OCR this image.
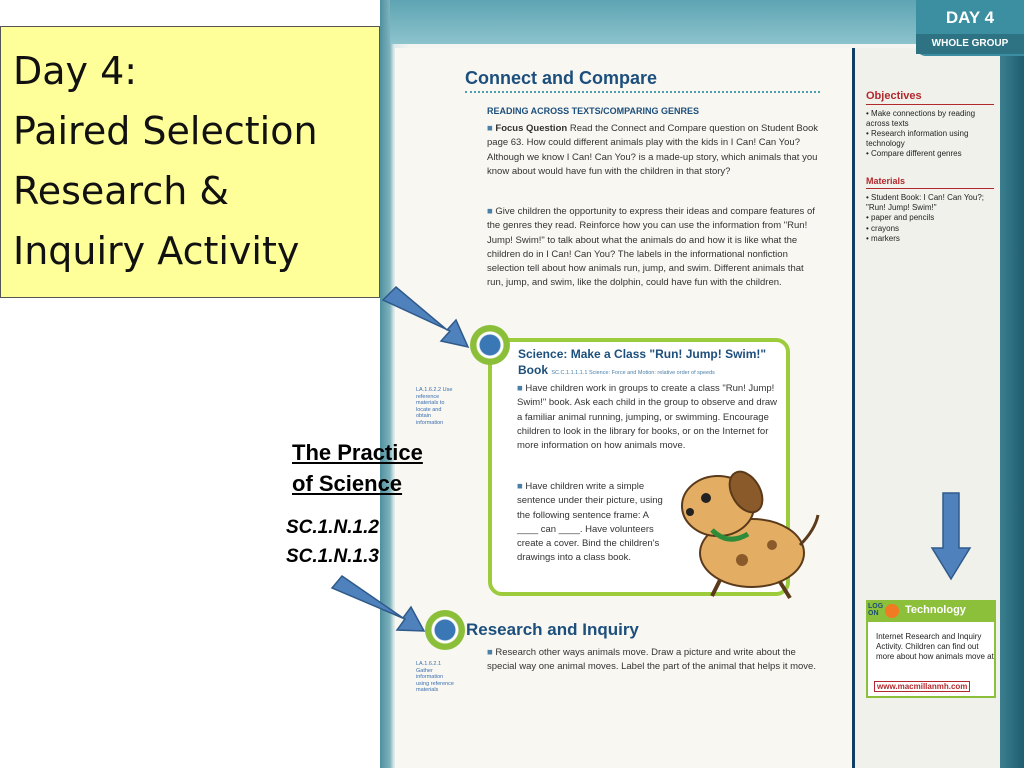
DAY 4
WHOLE GROUP
Day 4:
Paired Selection
Research &
Inquiry Activity
Connect and Compare
READING ACROSS TEXTS/COMPARING GENRES
■ Focus Question Read the Connect and Compare question on Student Book page 63. How could different animals play with the kids in I Can! Can You? Although we know I Can! Can You? is a made-up story, which animals that you know about would have fun with the children in that story?
■ Give children the opportunity to express their ideas and compare features of the genres they read. Reinforce how you can use the information from "Run! Jump! Swim!" to talk about what the animals do and how it is like what the children do in I Can! Can You? The labels in the informational nonfiction selection tell about how animals run, jump, and swim. Different animals that run, jump, and swim, like the dolphin, could have fun with the children.
Science: Make a Class "Run! Jump! Swim!" Book SC.C.1.1.1.1.1 Science: Force and Motion: relative order of speeds
■ Have children work in groups to create a class "Run! Jump! Swim!" book. Ask each child in the group to observe and draw a familiar animal running, jumping, or swimming. Encourage children to look in the library for books, or on the Internet for more information on how animals move.
■ Have children write a simple sentence under their picture, using the following sentence frame: A ____ can ____. Have volunteers create a cover. Bind the children's drawings into a class book.
LA.1.6.2.2 Use reference materials to locate and obtain information
Research and Inquiry
■ Research other ways animals move. Draw a picture and write about the special way one animal moves. Label the part of the animal that helps it move.
LA.1.6.2.1 Gather information using reference materials
Objectives
• Make connections by reading across texts
• Research information using technology
• Compare different genres
Materials
• Student Book: I Can! Can You?; "Run! Jump! Swim!"
• paper and pencils
• crayons
• markers
LOG ON	Technology
Internet Research and Inquiry Activity. Children can find out more about how animals move at
www.macmillanmh.com
The Practice
of Science
SC.1.N.1.2
SC.1.N.1.3
